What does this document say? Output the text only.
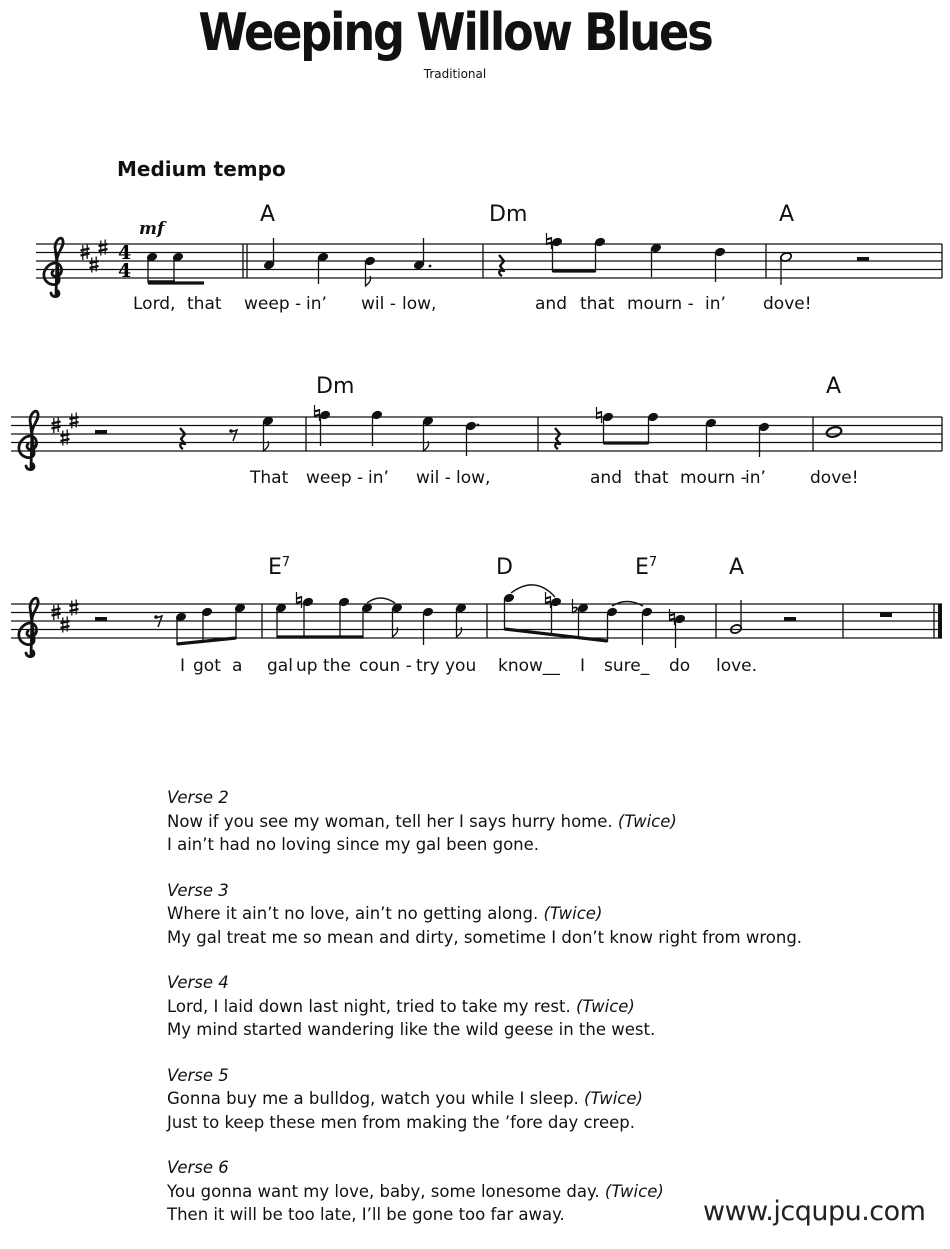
Weeping Willow Blues
Traditional
Medium tempo
4
4
mf
A	Dm	A
Lord, that weep - in’ wil - low,	and that mourn - in’ dove!
Dm	A
That weep - in’ wil - low,	and that mourn - in’	dove!
$E^7$	D	$E^7$	A
I got a gal up the coun - try you know__ I sure_ do love.
Verse 2
Now if you see my woman, tell her I says hurry home. (Twice)
I ain’t had no loving since my gal been gone.
Verse 3
Where it ain’t no love, ain’t no getting along. (Twice)
My gal treat me so mean and dirty, sometime I don’t know right from wrong.
Verse 4
Lord, I laid down last night, tried to take my rest. (Twice)
My mind started wandering like the wild geese in the west.
Verse 5
Gonna buy me a bulldog, watch you while I sleep. (Twice)
Just to keep these men from making the ’fore day creep.
Verse 6
You gonna want my love, baby, some lonesome day. (Twice)
Then it will be too late, I’ll be gone too far away.	www.jcqupu.com
